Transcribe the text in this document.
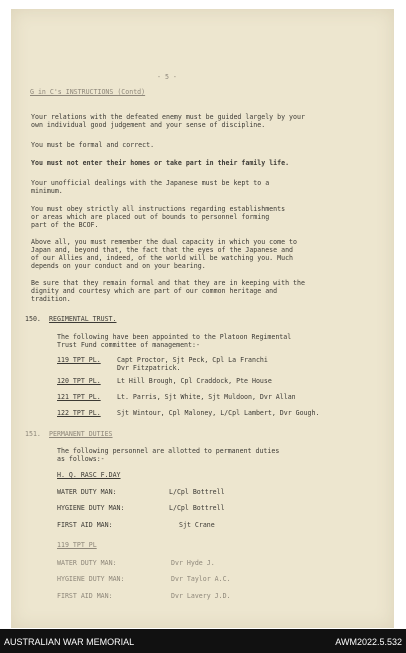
- 5 -
G in C's INSTRUCTIONS (Contd)
Your relations with the defeated enemy must be guided largely by your
own individual good judgement and your sense of discipline.
You must be formal and correct.
You must not enter their homes or take part in their family life.
Your unofficial dealings with the Japanese must be kept to a
minimum.
You must obey strictly all instructions regarding establishments
or areas which are placed out of bounds to personnel forming
part of the BCOF.
Above all, you must remember the dual capacity in which you come to
Japan and, beyond that, the fact that the eyes of the Japanese and
of our Allies and, indeed, of the world will be watching you. Much
depends on your conduct and on your bearing.
Be sure that they remain formal and that they are in keeping with the
dignity and courtesy which are part of our common heritage and
tradition.
150. REGIMENTAL TRUST.
The following have been appointed to the Platoon Regimental
Trust Fund committee of management:-
119 TPT PL. Capt Proctor, Sjt Peck, Cpl La Franchi
Dvr Fitzpatrick.
120 TPT PL. Lt Hill Brough, Cpl Craddock, Pte House
121 TPT PL. Lt. Parris, Sjt White, Sjt Muldoon, Dvr Allan
122 TPT PL. Sjt Wintour, Cpl Maloney, L/Cpl Lambert, Dvr Gough.
151. PERMANENT DUTIES
The following personnel are allotted to permanent duties
as follows:-
H. Q. RASC F.DAY
WATER DUTY MAN:	L/Cpl Bottrell
HYGIENE DUTY MAN:	L/Cpl Bottrell
FIRST AID MAN:	Sjt Crane
119 TPT PL
WATER DUTY MAN:	Dvr Hyde J.
HYGIENE DUTY MAN:	Dvr Taylor A.C.
FIRST AID MAN:	Dvr Lavery J.D.
AUSTRALIAN WAR MEMORIAL	AWM2022.5.532
